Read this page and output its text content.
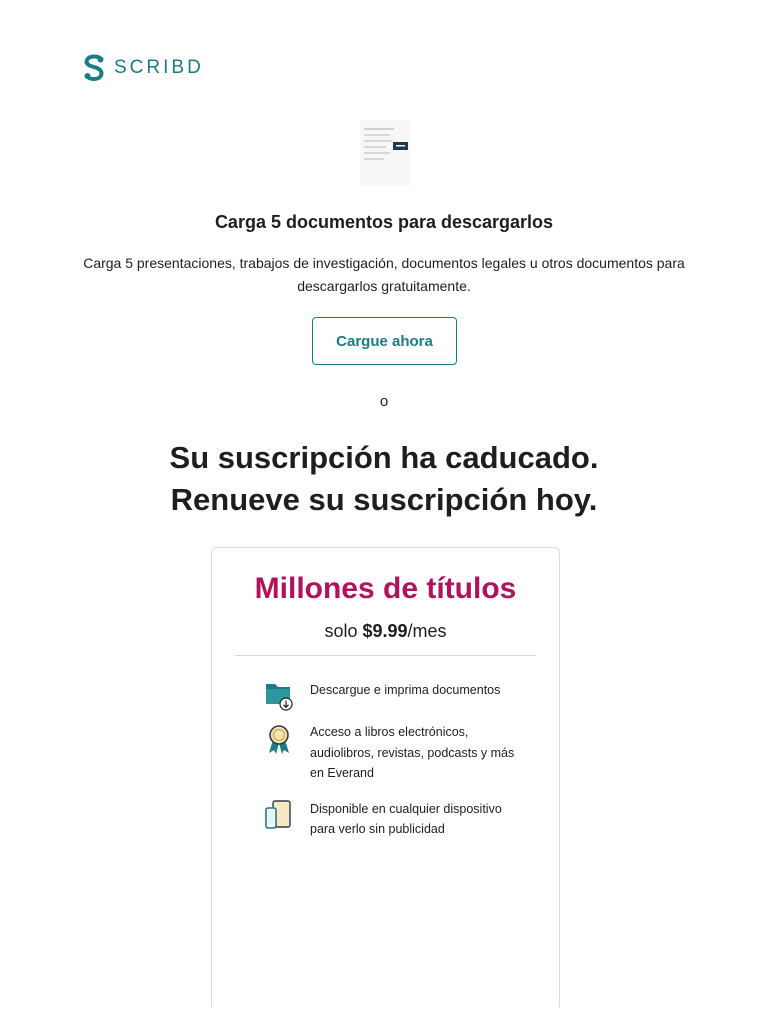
SCRIBD
Carga 5 documentos para descargarlos

Carga 5 presentaciones, trabajos de investigación, documentos legales u otros documentos para descargarlos gratuitamente.

Cargue ahora
o
Su suscripción ha caducado.
Renueve su suscripción hoy.
Millones de títulos
solo $9.99/mes
Descargue e imprima documentos
Acceso a libros electrónicos, audiolibros, revistas, podcasts y más en Everand
Disponible en cualquier dispositivo para verlo sin publicidad
